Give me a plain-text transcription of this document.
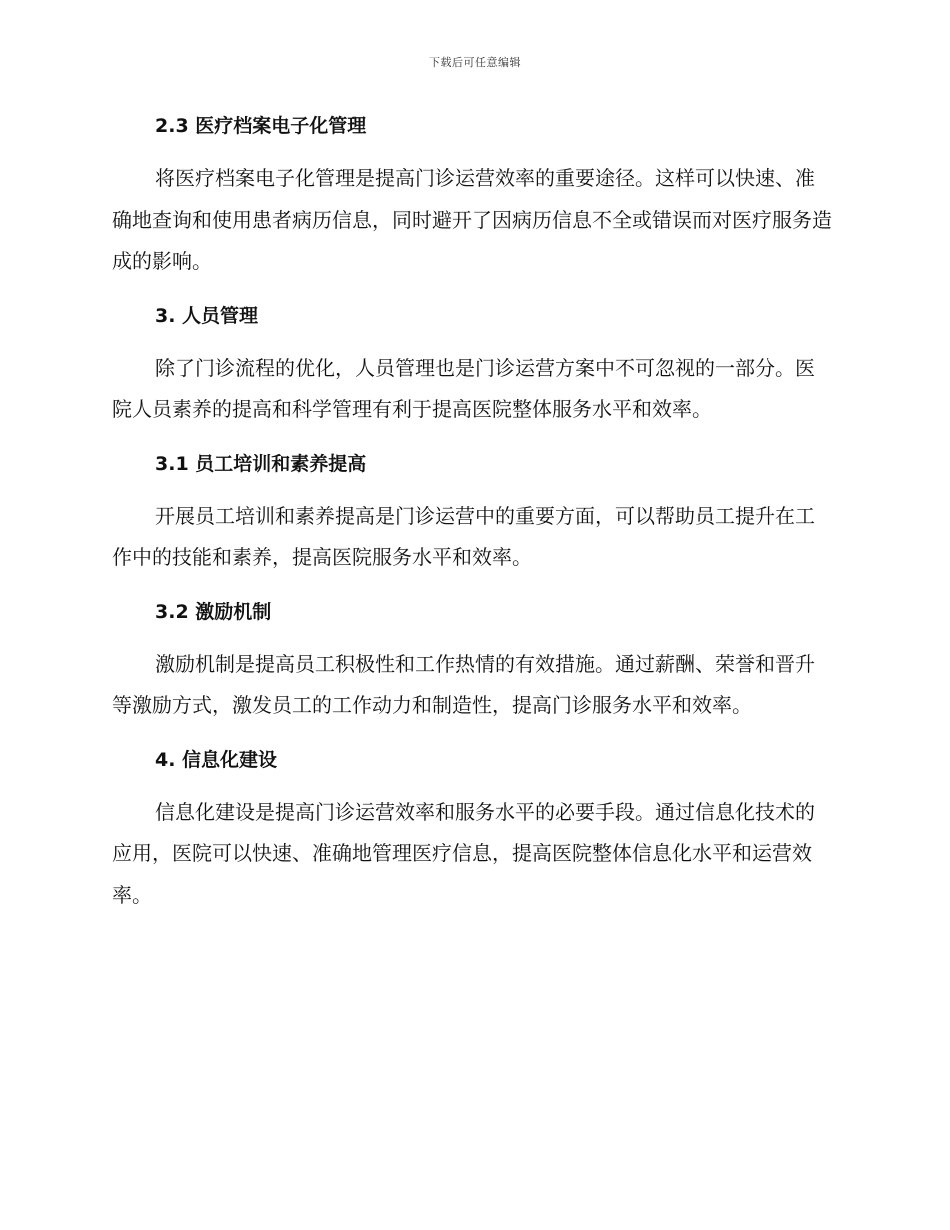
下载后可任意编辑
2.3 医疗档案电子化管理

将医疗档案电子化管理是提高门诊运营效率的重要途径。这样可以快速、准确地查询和使用患者病历信息，同时避开了因病历信息不全或错误而对医疗服务造成的影响。

3. 人员管理

除了门诊流程的优化，人员管理也是门诊运营方案中不可忽视的一部分。医院人员素养的提高和科学管理有利于提高医院整体服务水平和效率。

3.1 员工培训和素养提高

开展员工培训和素养提高是门诊运营中的重要方面，可以帮助员工提升在工作中的技能和素养，提高医院服务水平和效率。

3.2 激励机制

激励机制是提高员工积极性和工作热情的有效措施。通过薪酬、荣誉和晋升等激励方式，激发员工的工作动力和制造性，提高门诊服务水平和效率。

4. 信息化建设

信息化建设是提高门诊运营效率和服务水平的必要手段。通过信息化技术的应用，医院可以快速、准确地管理医疗信息，提高医院整体信息化水平和运营效率。
